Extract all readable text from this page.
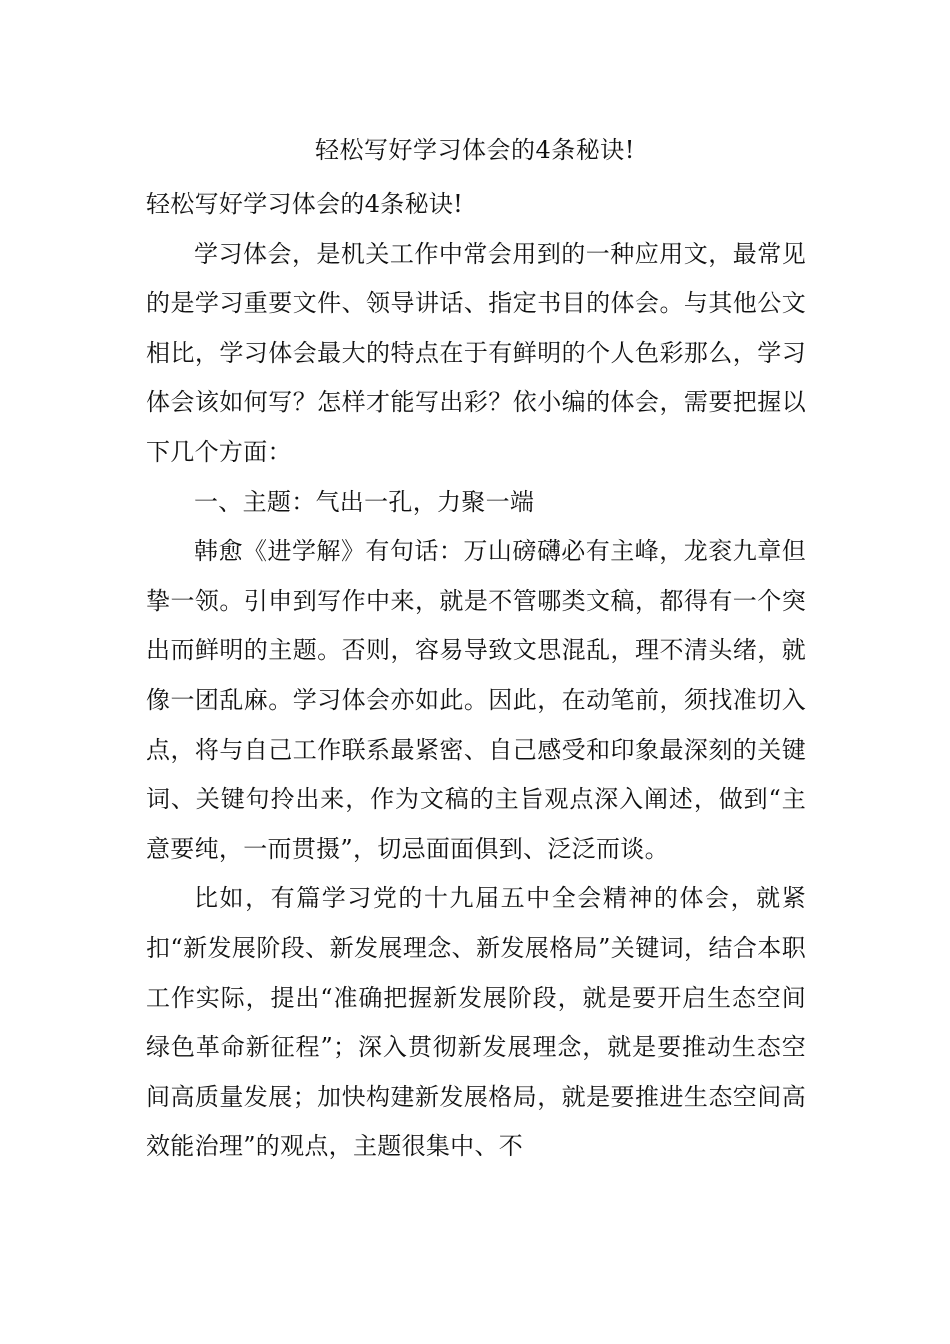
轻松写好学习体会的4条秘诀!

轻松写好学习体会的4条秘诀!

学习体会，是机关工作中常会用到的一种应用文，最常见的是学习重要文件、领导讲话、指定书目的体会。与其他公文相比，学习体会最大的特点在于有鲜明的个人色彩那么，学习体会该如何写？怎样才能写出彩？依小编的体会，需要把握以下几个方面：

一、主题：气出一孔，力聚一端

韩愈《进学解》有句话：万山磅礴必有主峰，龙衮九章但挚一领。引申到写作中来，就是不管哪类文稿，都得有一个突出而鲜明的主题。否则，容易导致文思混乱，理不清头绪，就像一团乱麻。学习体会亦如此。因此，在动笔前，须找准切入点，将与自己工作联系最紧密、自己感受和印象最深刻的关键词、关键句拎出来，作为文稿的主旨观点深入阐述，做到“主意要纯，一而贯摄”，切忌面面俱到、泛泛而谈。

比如，有篇学习党的十九届五中全会精神的体会，就紧扣“新发展阶段、新发展理念、新发展格局”关键词，结合本职工作实际，提出“准确把握新发展阶段，就是要开启生态空间绿色革命新征程”；深入贯彻新发展理念，就是要推动生态空间高质量发展；加快构建新发展格局，就是要推进生态空间高效能治理”的观点，主题很集中、不
